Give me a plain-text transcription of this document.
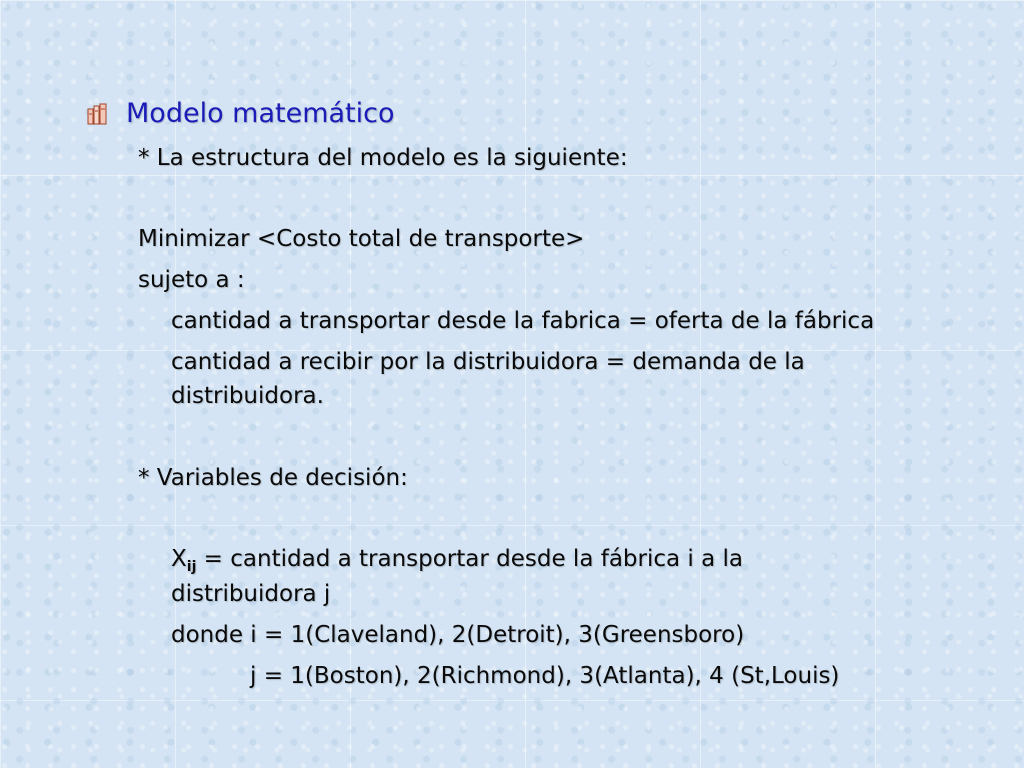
Modelo matemático
* La estructura del modelo es la siguiente:
Minimizar <Costo total de transporte>
sujeto a :
cantidad a transportar desde la fabrica = oferta de la fábrica
cantidad a recibir por la distribuidora = demanda de la
distribuidora.
* Variables de decisión:
$X_{ij}$ = cantidad a transportar desde la fábrica i a la
distribuidora j
donde i = 1(Claveland), 2(Detroit), 3(Greensboro)
j = 1(Boston), 2(Richmond), 3(Atlanta), 4 (St,Louis)
